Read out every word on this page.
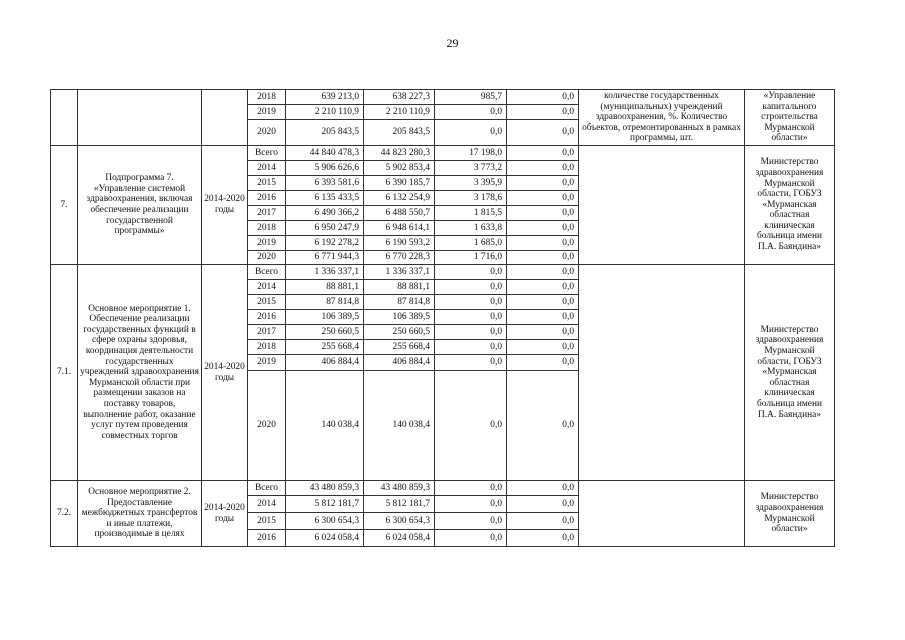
29
			2018	639 213,0	638 227,3	985,7	0,0	количестве государственных (муниципальных) учреждений здравоохранения, %. Количество объектов, отремонтированных в рамках программы, шт.	«Управление капитального строительства Мурманской области»
			2019	2 210 110,9	2 210 110,9	0,0	0,0		
			2020	205 843,5	205 843,5	0,0	0,0		
7.	Подпрограмма 7. «Управление системой здравоохранения, включая обеспечение реализации государственной программы»	2014-2020 годы	Всего	44 840 478,3	44 823 280,3	17 198,0	0,0		Министерство здравоохранения Мурманской области, ГОБУЗ «Мурманская областная клиническая больница имени П.А. Баяндина»
			2014	5 906 626,6	5 902 853,4	3 773,2	0,0		
			2015	6 393 581,6	6 390 185,7	3 395,9	0,0		
			2016	6 135 433,5	6 132 254,9	3 178,6	0,0		
			2017	6 490 366,2	6 488 550,7	1 815,5	0,0		
			2018	6 950 247,9	6 948 614,1	1 633,8	0,0		
			2019	6 192 278,2	6 190 593,2	1 685,0	0,0		
			2020	6 771 944,3	6 770 228,3	1 716,0	0,0		
7.1.	Основное мероприятие 1. Обеспечение реализации государственных функций в сфере охраны здоровья, координация деятельности государственных учреждений здравоохранения Мурманской области при размещении заказов на поставку товаров, выполнение работ, оказание услуг путем проведения совместных торгов	2014-2020 годы	Всего	1 336 337,1	1 336 337,1	0,0	0,0		Министерство здравоохранения Мурманской области, ГОБУЗ «Мурманская областная клиническая больница имени П.А. Баяндина»
			2014	88 881,1	88 881,1	0,0	0,0		
			2015	87 814,8	87 814,8	0,0	0,0		
			2016	106 389,5	106 389,5	0,0	0,0		
			2017	250 660,5	250 660,5	0,0	0,0		
			2018	255 668,4	255 668,4	0,0	0,0		
			2019	406 884,4	406 884,4	0,0	0,0		
			2020	140 038,4	140 038,4	0,0	0,0		
7.2.	Основное мероприятие 2. Предоставление межбюджетных трансфертов и иные платежи, производимые в целях	2014-2020 годы	Всего	43 480 859,3	43 480 859,3	0,0	0,0		Министерство здравоохранения Мурманской области»
			2014	5 812 181,7	5 812 181,7	0,0	0,0		
			2015	6 300 654,3	6 300 654,3	0,0	0,0		
			2016	6 024 058,4	6 024 058,4	0,0	0,0		
